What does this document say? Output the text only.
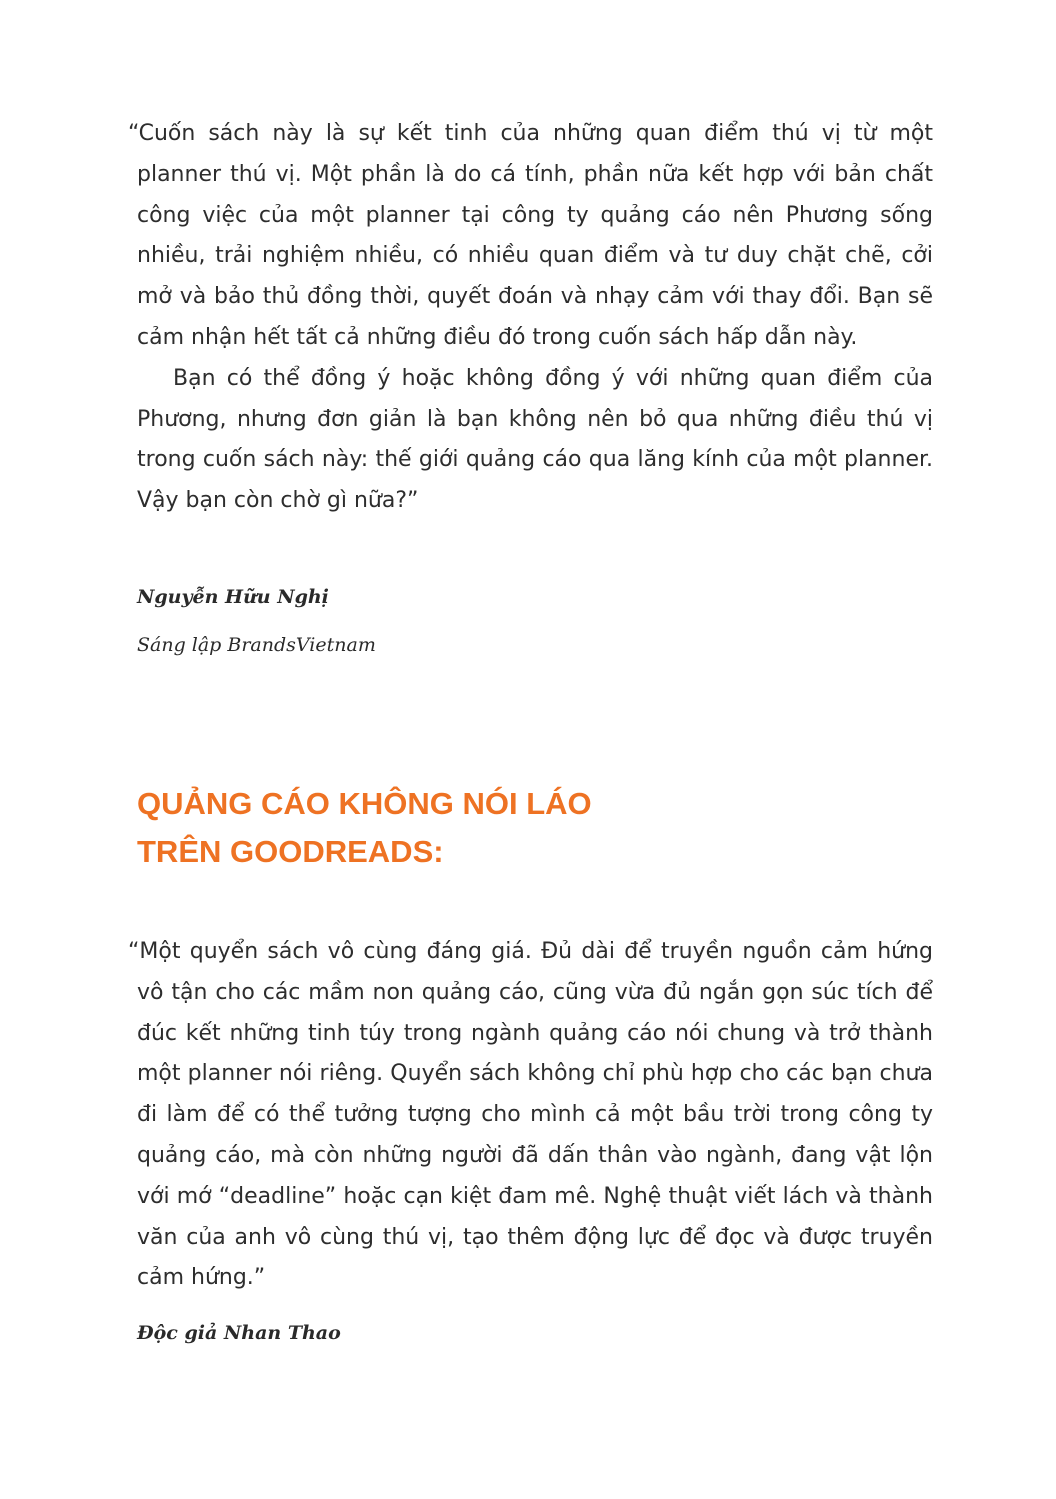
“Cuốn sách này là sự kết tinh của những quan điểm thú vị từ một planner thú vị. Một phần là do cá tính, phần nữa kết hợp với bản chất công việc của một planner tại công ty quảng cáo nên Phương sống nhiều, trải nghiệm nhiều, có nhiều quan điểm và tư duy chặt chẽ, cởi mở và bảo thủ đồng thời, quyết đoán và nhạy cảm với thay đổi. Bạn sẽ cảm nhận hết tất cả những điều đó trong cuốn sách hấp dẫn này.

Bạn có thể đồng ý hoặc không đồng ý với những quan điểm của Phương, nhưng đơn giản là bạn không nên bỏ qua những điều thú vị trong cuốn sách này: thế giới quảng cáo qua lăng kính của một planner. Vậy bạn còn chờ gì nữa?”

Nguyễn Hữu Nghị

Sáng lập BrandsVietnam

QUẢNG CÁO KHÔNG NÓI LÁO
TRÊN GOODREADS:

“Một quyển sách vô cùng đáng giá. Đủ dài để truyền nguồn cảm hứng vô tận cho các mầm non quảng cáo, cũng vừa đủ ngắn gọn súc tích để đúc kết những tinh túy trong ngành quảng cáo nói chung và trở thành một planner nói riêng. Quyển sách không chỉ phù hợp cho các bạn chưa đi làm để có thể tưởng tượng cho mình cả một bầu trời trong công ty quảng cáo, mà còn những người đã dấn thân vào ngành, đang vật lộn với mớ “deadline” hoặc cạn kiệt đam mê. Nghệ thuật viết lách và thành văn của anh vô cùng thú vị, tạo thêm động lực để đọc và được truyền cảm hứng.”

Độc giả Nhan Thao
